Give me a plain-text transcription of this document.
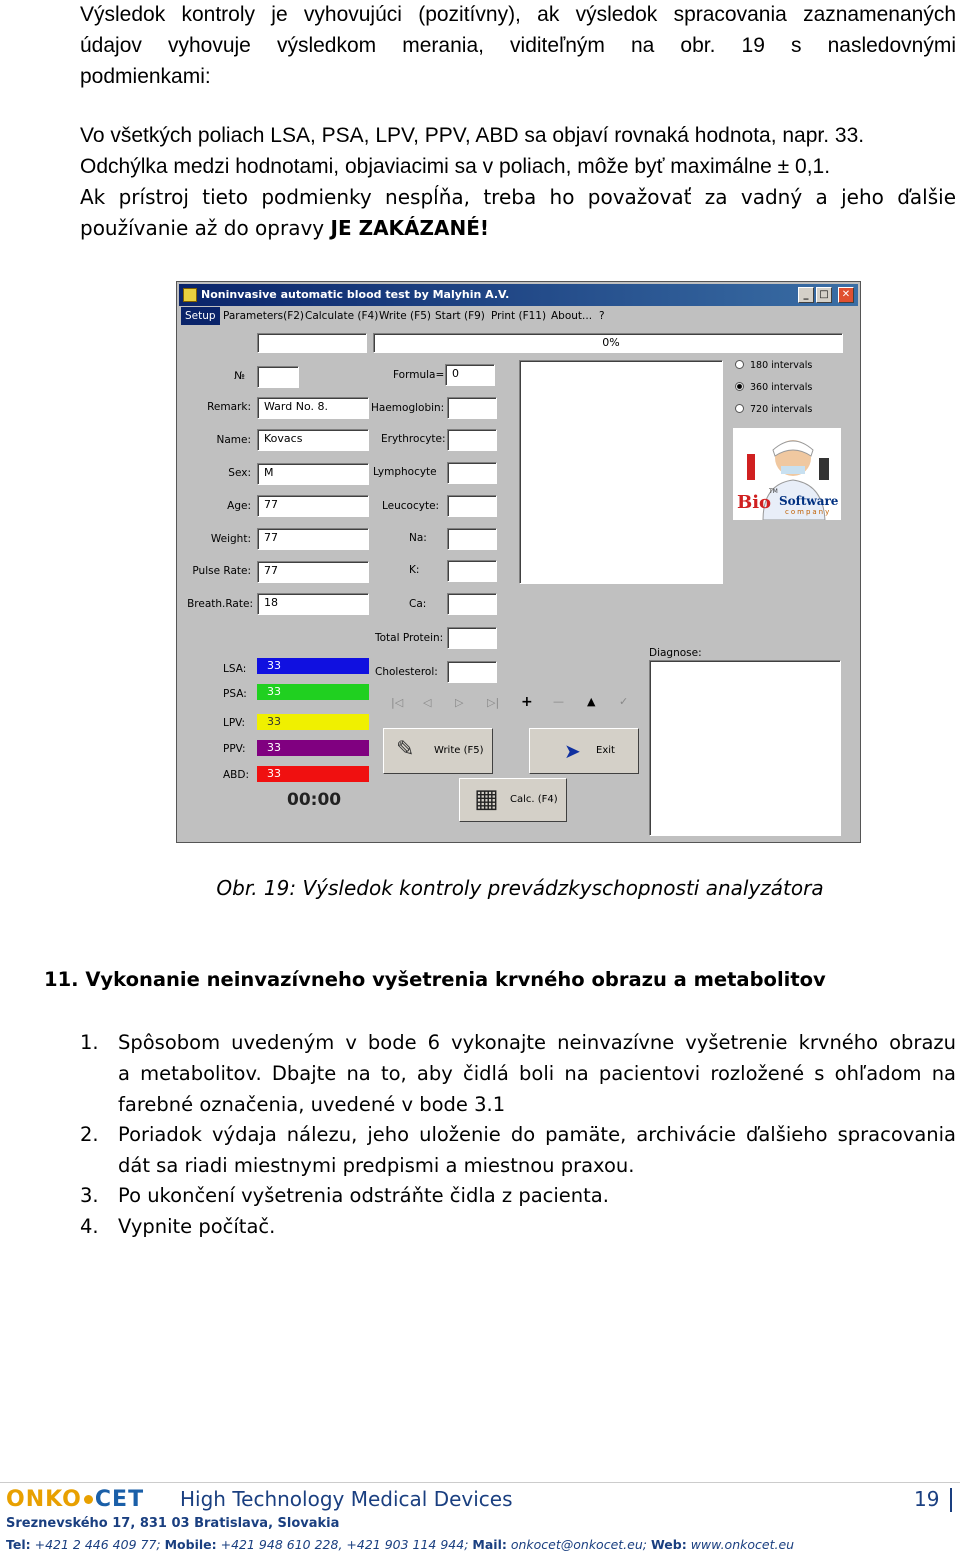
Výsledok kontroly je vyhovujúci (pozitívny), ak výsledok spracovania zaznamenaných
údajov vyhovuje výsledkom merania, viditeľným na obr. 19 s nasledovnými
podmienkami:
Vo všetkých poliach LSA, PSA, LPV, PPV, ABD sa objaví rovnaká hodnota, napr. 33.
Odchýlka medzi hodnotami, objaviacimi sa v poliach, môže byť maximálne ± 0,1.
Ak prístroj tieto podmienky nespĺňa, treba ho považovať za vadný a jeho ďalšie
používanie až do opravy JE ZAKÁZANÉ!
Noninvasive automatic blood test by Malyhin A.V.	_	□	✕
Setup Parameters(F2) Calculate (F4) Write (F5) Start (F9) Print (F11) About... ?
0%
№
Remark:	Ward No. 8.
Name:	Kovacs
Sex:	M
Age:	77
Weight:	77
Pulse Rate:	77
Breath.Rate:	18
LSA:	33
PSA:	33
LPV:	33
PPV:	33
ABD:	33
00:00
Formula= 0
Haemoglobin:
Erythrocyte:
Lymphocyte
Leucocyte:
Na:
K:
Ca:
Total Protein:
Cholesterol:
180 intervals
360 intervals
720 intervals
Bio
TM
Software
company
Diagnose:
|◁ ◁ ▷ ▷| + — ▲ ✓
✎ Write (F5)	➤ Exit
▦ Calc. (F4)
Obr. 19: Výsledok kontroly prevádzkyschopnosti analyzátora
11. Vykonanie neinvazívneho vyšetrenia krvného obrazu a metabolitov
1. Spôsobom uvedeným v bode 6 vykonajte neinvazívne vyšetrenie krvného obrazu
a metabolitov. Dbajte na to, aby čidlá boli na pacientovi rozložené s ohľadom na
farebné označenia, uvedené v bode 3.1
2. Poriadok výdaja nálezu, jeho uloženie do pamäte, archivácie ďalšieho spracovania
dát sa riadi miestnymi predpismi a miestnou praxou.
3. Po ukončení vyšetrenia odstráňte čidla z pacienta.
4. Vypnite počítač.
ONKO CET High Technology Medical Devices	19
Sreznevského 17, 831 03 Bratislava, Slovakia
Tel: +421 2 446 409 77; Mobile: +421 948 610 228, +421 903 114 944; Mail: onkocet@onkocet.eu; Web: www.onkocet.eu
